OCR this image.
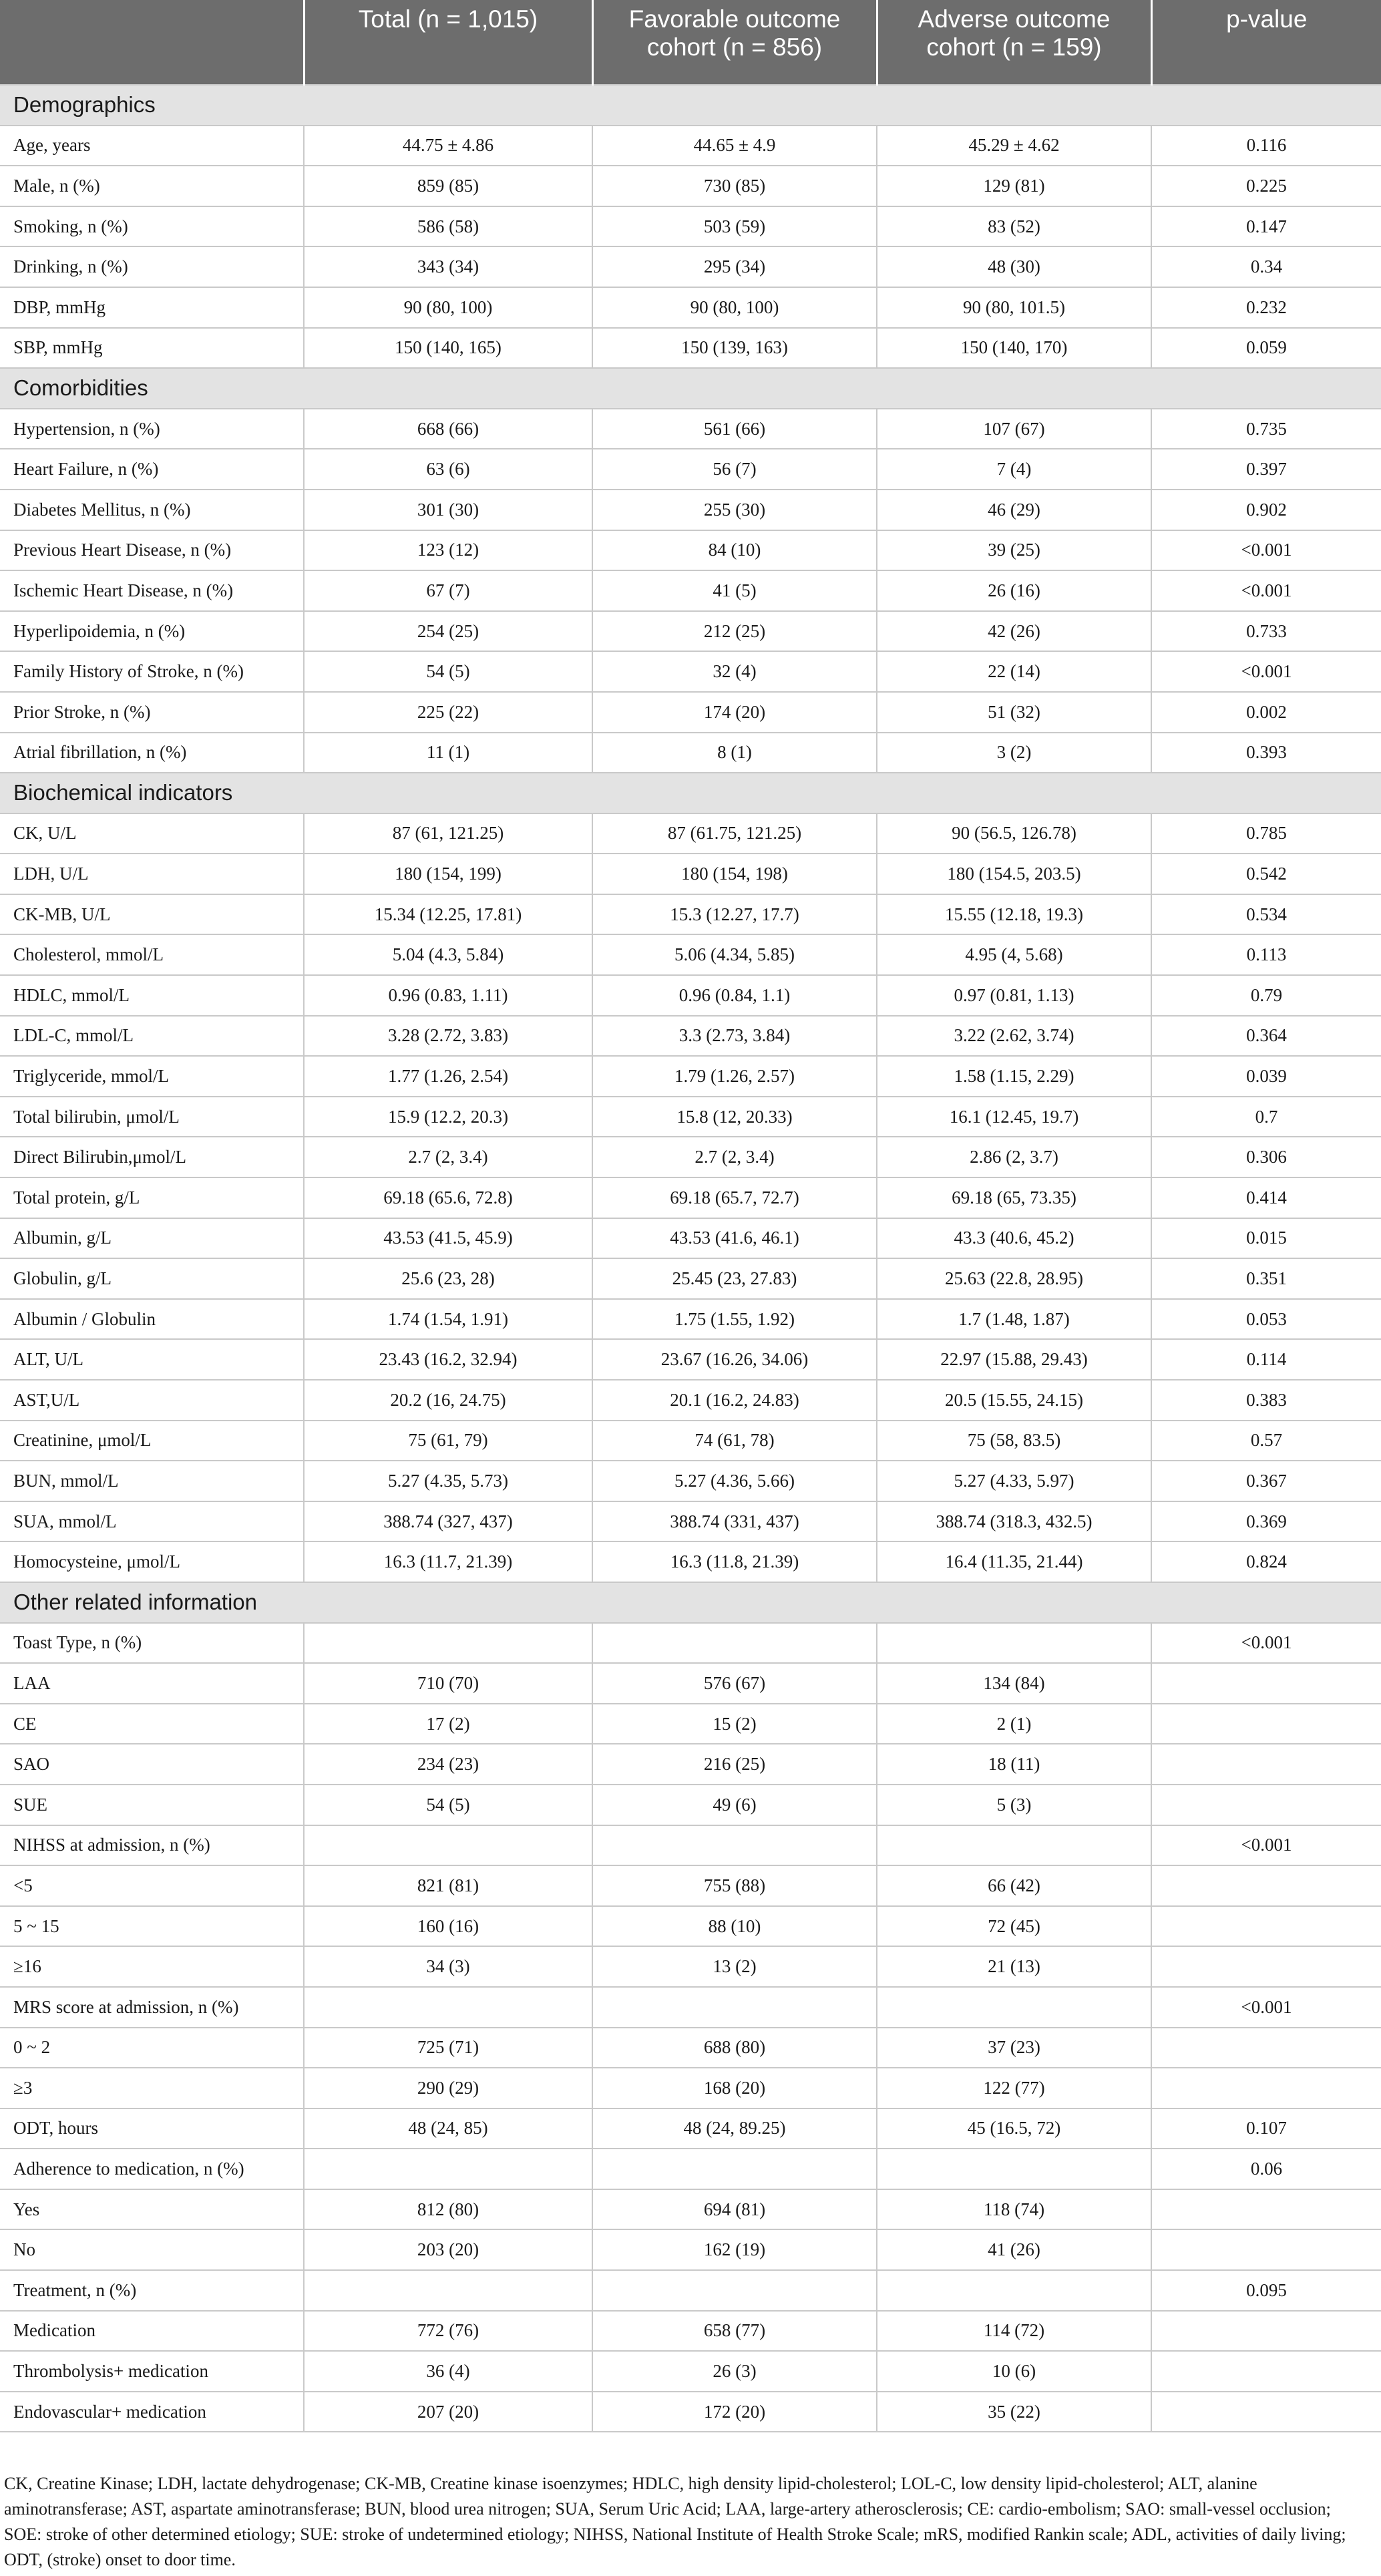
	Total (n = 1,015)	Favorable outcome cohort (n = 856)	Adverse outcome cohort (n = 159)	p-value
Demographics				
Age, years	44.75 ± 4.86	44.65 ± 4.9	45.29 ± 4.62	0.116
Male, n (%)	859 (85)	730 (85)	129 (81)	0.225
Smoking, n (%)	586 (58)	503 (59)	83 (52)	0.147
Drinking, n (%)	343 (34)	295 (34)	48 (30)	0.34
DBP, mmHg	90 (80, 100)	90 (80, 100)	90 (80, 101.5)	0.232
SBP, mmHg	150 (140, 165)	150 (139, 163)	150 (140, 170)	0.059
Comorbidities				
Hypertension, n (%)	668 (66)	561 (66)	107 (67)	0.735
Heart Failure, n (%)	63 (6)	56 (7)	7 (4)	0.397
Diabetes Mellitus, n (%)	301 (30)	255 (30)	46 (29)	0.902
Previous Heart Disease, n (%)	123 (12)	84 (10)	39 (25)	<0.001
Ischemic Heart Disease, n (%)	67 (7)	41 (5)	26 (16)	<0.001
Hyperlipoidemia, n (%)	254 (25)	212 (25)	42 (26)	0.733
Family History of Stroke, n (%)	54 (5)	32 (4)	22 (14)	<0.001
Prior Stroke, n (%)	225 (22)	174 (20)	51 (32)	0.002
Atrial fibrillation, n (%)	11 (1)	8 (1)	3 (2)	0.393
Biochemical indicators				
CK, U/L	87 (61, 121.25)	87 (61.75, 121.25)	90 (56.5, 126.78)	0.785
LDH, U/L	180 (154, 199)	180 (154, 198)	180 (154.5, 203.5)	0.542
CK-MB, U/L	15.34 (12.25, 17.81)	15.3 (12.27, 17.7)	15.55 (12.18, 19.3)	0.534
Cholesterol, mmol/L	5.04 (4.3, 5.84)	5.06 (4.34, 5.85)	4.95 (4, 5.68)	0.113
HDLC, mmol/L	0.96 (0.83, 1.11)	0.96 (0.84, 1.1)	0.97 (0.81, 1.13)	0.79
LDL-C, mmol/L	3.28 (2.72, 3.83)	3.3 (2.73, 3.84)	3.22 (2.62, 3.74)	0.364
Triglyceride, mmol/L	1.77 (1.26, 2.54)	1.79 (1.26, 2.57)	1.58 (1.15, 2.29)	0.039
Total bilirubin, μmol/L	15.9 (12.2, 20.3)	15.8 (12, 20.33)	16.1 (12.45, 19.7)	0.7
Direct Bilirubin,μmol/L	2.7 (2, 3.4)	2.7 (2, 3.4)	2.86 (2, 3.7)	0.306
Total protein, g/L	69.18 (65.6, 72.8)	69.18 (65.7, 72.7)	69.18 (65, 73.35)	0.414
Albumin, g/L	43.53 (41.5, 45.9)	43.53 (41.6, 46.1)	43.3 (40.6, 45.2)	0.015
Globulin, g/L	25.6 (23, 28)	25.45 (23, 27.83)	25.63 (22.8, 28.95)	0.351
Albumin / Globulin	1.74 (1.54, 1.91)	1.75 (1.55, 1.92)	1.7 (1.48, 1.87)	0.053
ALT, U/L	23.43 (16.2, 32.94)	23.67 (16.26, 34.06)	22.97 (15.88, 29.43)	0.114
AST,U/L	20.2 (16, 24.75)	20.1 (16.2, 24.83)	20.5 (15.55, 24.15)	0.383
Creatinine, μmol/L	75 (61, 79)	74 (61, 78)	75 (58, 83.5)	0.57
BUN, mmol/L	5.27 (4.35, 5.73)	5.27 (4.36, 5.66)	5.27 (4.33, 5.97)	0.367
SUA, mmol/L	388.74 (327, 437)	388.74 (331, 437)	388.74 (318.3, 432.5)	0.369
Homocysteine, μmol/L	16.3 (11.7, 21.39)	16.3 (11.8, 21.39)	16.4 (11.35, 21.44)	0.824
Other related information				
Toast Type, n (%)				<0.001
LAA	710 (70)	576 (67)	134 (84)	
CE	17 (2)	15 (2)	2 (1)	
SAO	234 (23)	216 (25)	18 (11)	
SUE	54 (5)	49 (6)	5 (3)	
NIHSS at admission, n (%)				<0.001
<5	821 (81)	755 (88)	66 (42)	
5 ~ 15	160 (16)	88 (10)	72 (45)	
≥16	34 (3)	13 (2)	21 (13)	
MRS score at admission, n (%)				<0.001
0 ~ 2	725 (71)	688 (80)	37 (23)	
≥3	290 (29)	168 (20)	122 (77)	
ODT, hours	48 (24, 85)	48 (24, 89.25)	45 (16.5, 72)	0.107
Adherence to medication, n (%)				0.06
Yes	812 (80)	694 (81)	118 (74)	
No	203 (20)	162 (19)	41 (26)	
Treatment, n (%)				0.095
Medication	772 (76)	658 (77)	114 (72)	
Thrombolysis+ medication	36 (4)	26 (3)	10 (6)	
Endovascular+ medication	207 (20)	172 (20)	35 (22)	
CK, Creatine Kinase; LDH, lactate dehydrogenase; CK-MB, Creatine kinase isoenzymes; HDLC, high density lipid-cholesterol; LOL-C, low density lipid-cholesterol; ALT, alanine aminotransferase; AST, aspartate aminotransferase; BUN, blood urea nitrogen; SUA, Serum Uric Acid; LAA, large-artery atherosclerosis; CE: cardio-embolism; SAO: small-vessel occlusion; SOE: stroke of other determined etiology; SUE: stroke of undetermined etiology; NIHSS, National Institute of Health Stroke Scale; mRS, modified Rankin scale; ADL, activities of daily living; ODT, (stroke) onset to door time.
